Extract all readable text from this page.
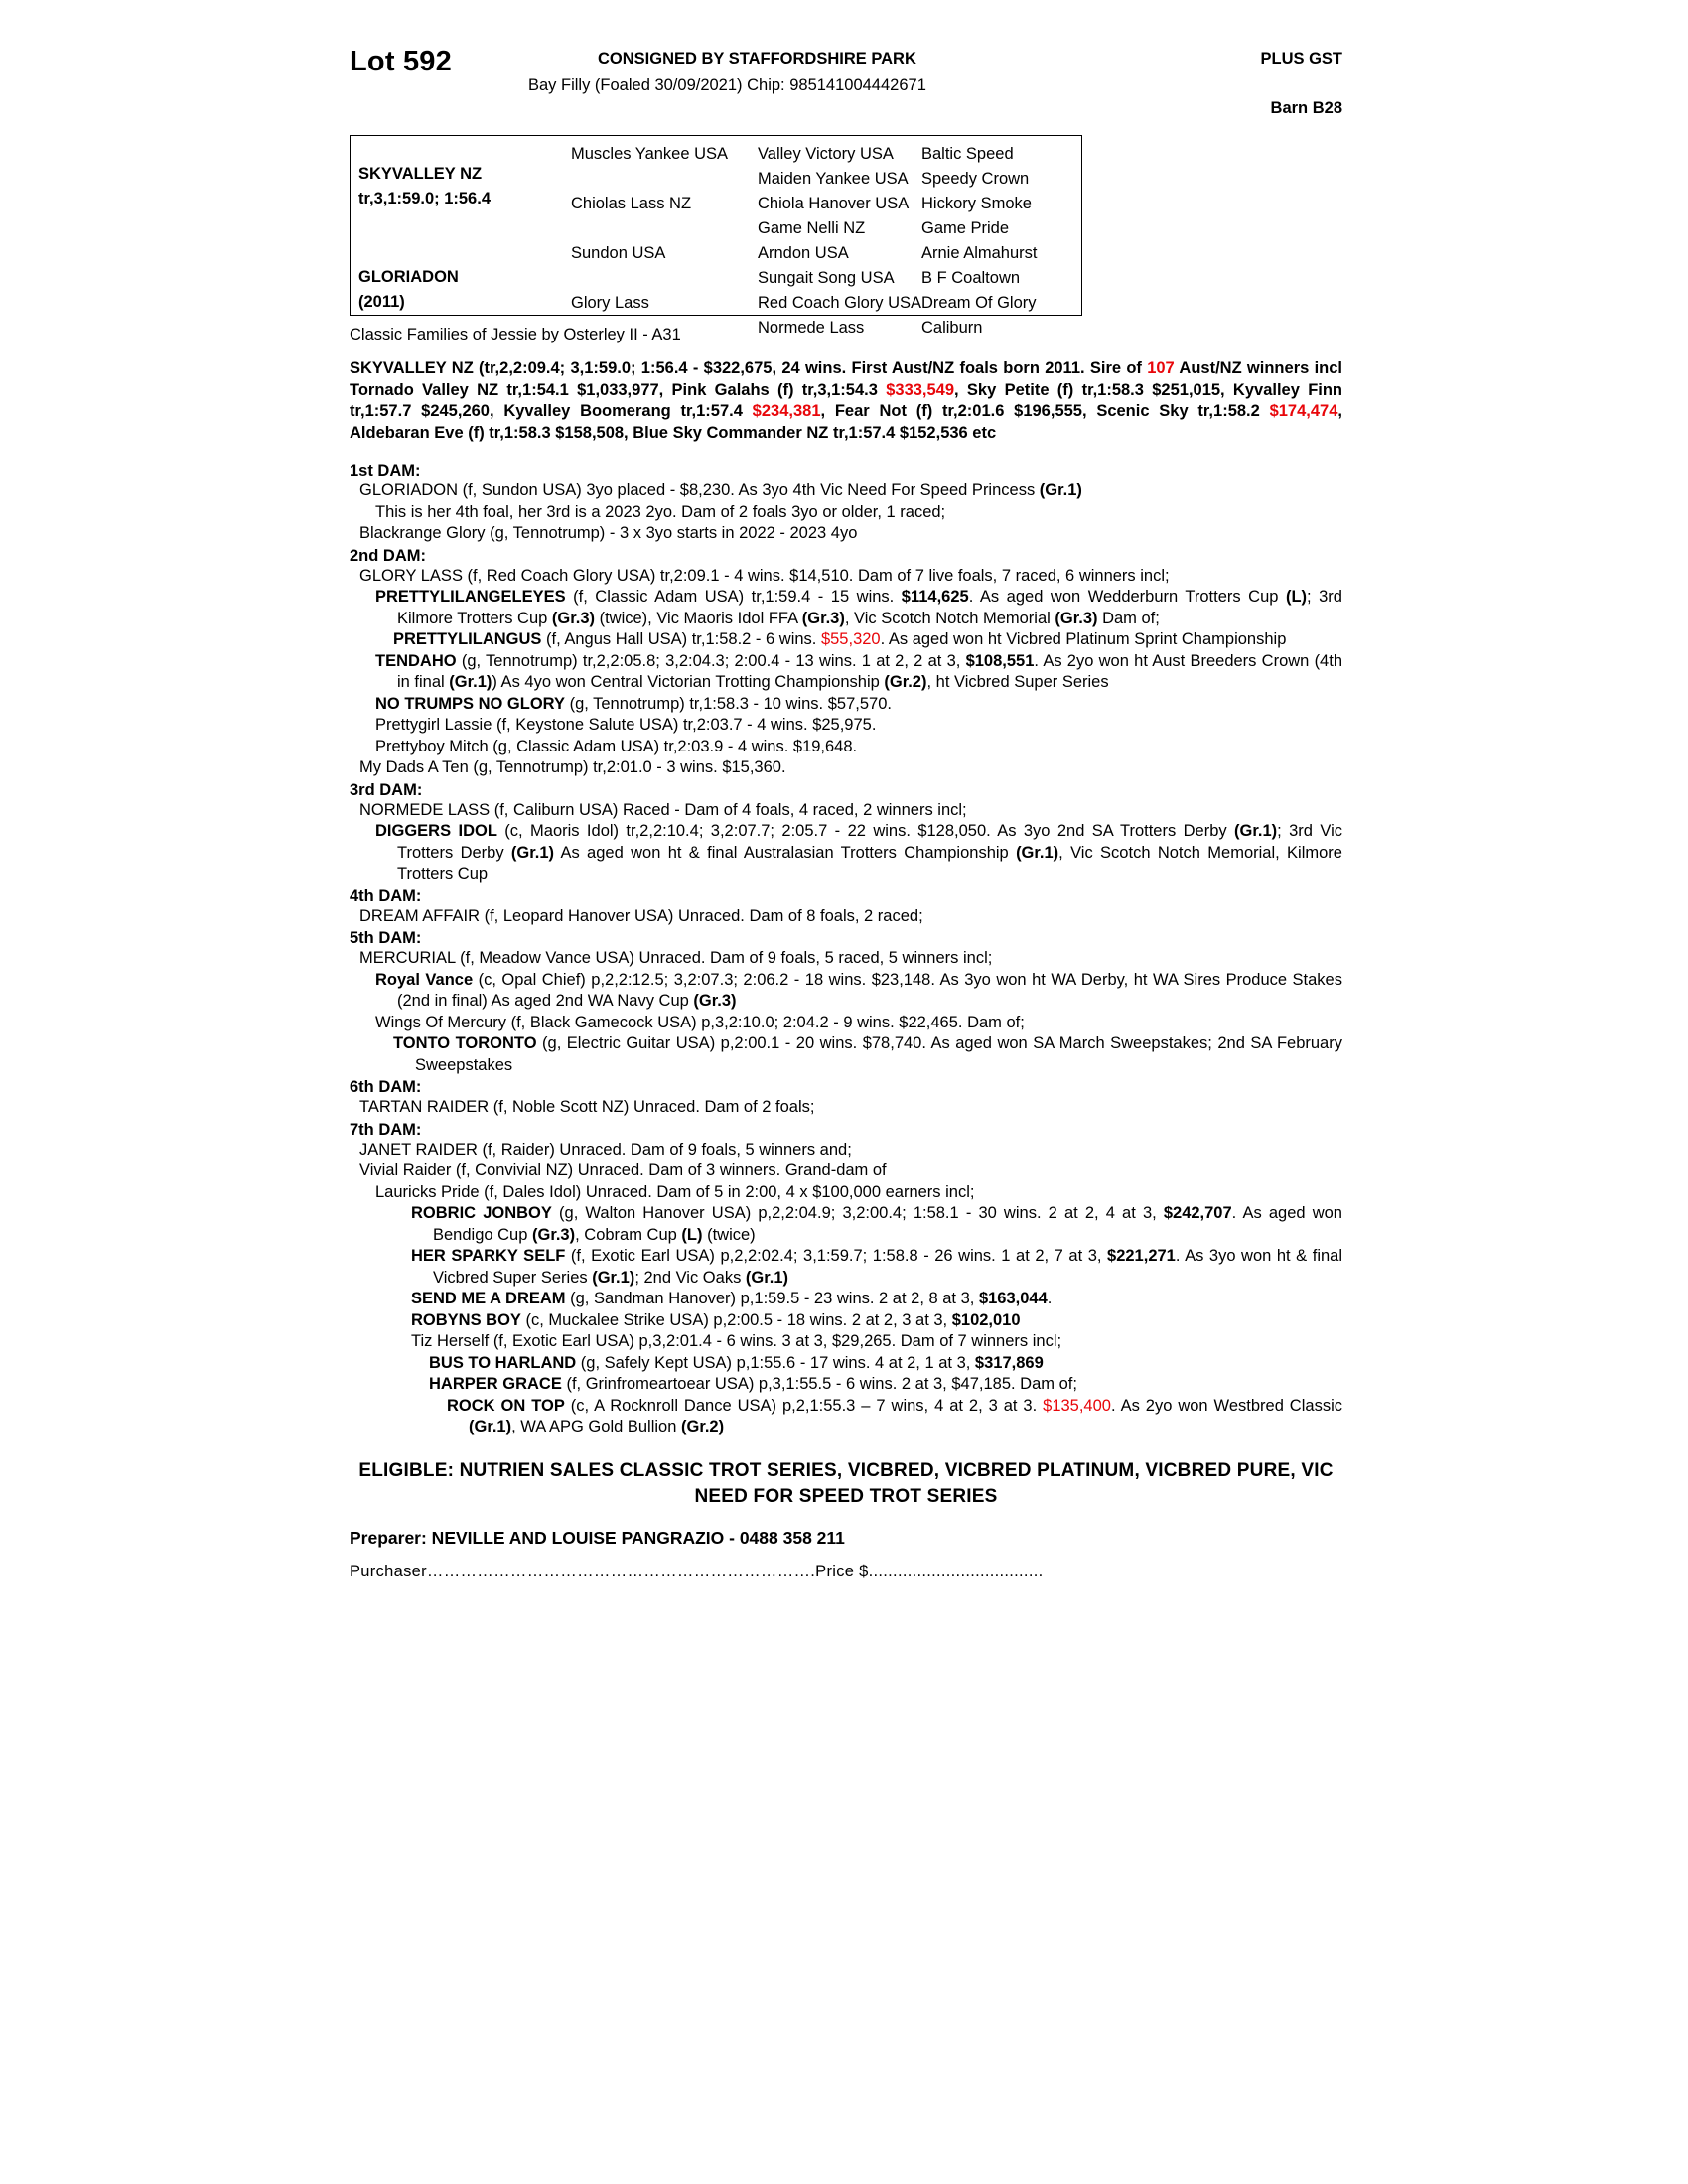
Lot 592	CONSIGNED BY STAFFORDSHIRE PARK	PLUS GST
Bay Filly (Foaled 30/09/2021) Chip: 985141004442671
Barn B28
SKYVALLEY NZ
tr,3,1:59.0; 1:56.4
GLORIADON
(2011)
Muscles Yankee USA
Chiolas Lass NZ
Sundon USA
Glory Lass
Valley Victory USA
Maiden Yankee USA
Chiola Hanover USA
Game Nelli NZ
Arndon USA
Sungait Song USA
Red Coach Glory USA
Normede Lass
Baltic Speed
Speedy Crown
Hickory Smoke
Game Pride
Arnie Almahurst
B F Coaltown
Dream Of Glory
Caliburn
Classic Families of Jessie by Osterley II - A31
SKYVALLEY NZ (tr,2,2:09.4; 3,1:59.0; 1:56.4 - $322,675, 24 wins. First Aust/NZ foals born 2011. Sire of 107 Aust/NZ winners incl Tornado Valley NZ tr,1:54.1 $1,033,977, Pink Galahs (f) tr,3,1:54.3 $333,549, Sky Petite (f) tr,1:58.3 $251,015, Kyvalley Finn tr,1:57.7 $245,260, Kyvalley Boomerang tr,1:57.4 $234,381, Fear Not (f) tr,2:01.6 $196,555, Scenic Sky tr,1:58.2 $174,474, Aldebaran Eve (f) tr,1:58.3 $158,508, Blue Sky Commander NZ tr,1:57.4 $152,536 etc
1st DAM:

GLORIADON (f, Sundon USA) 3yo placed - $8,230. As 3yo 4th Vic Need For Speed Princess (Gr.1)

This is her 4th foal, her 3rd is a 2023 2yo. Dam of 2 foals 3yo or older, 1 raced;

Blackrange Glory (g, Tennotrump) - 3 x 3yo starts in 2022 - 2023 4yo

2nd DAM:

GLORY LASS (f, Red Coach Glory USA) tr,2:09.1 - 4 wins. $14,510. Dam of 7 live foals, 7 raced, 6 winners incl;

PRETTYLILANGELEYES (f, Classic Adam USA) tr,1:59.4 - 15 wins. $114,625. As aged won Wedderburn Trotters Cup (L); 3rd Kilmore Trotters Cup (Gr.3) (twice), Vic Maoris Idol FFA (Gr.3), Vic Scotch Notch Memorial (Gr.3) Dam of;

PRETTYLILANGUS (f, Angus Hall USA) tr,1:58.2 - 6 wins. $55,320. As aged won ht Vicbred Platinum Sprint Championship

TENDAHO (g, Tennotrump) tr,2,2:05.8; 3,2:04.3; 2:00.4 - 13 wins. 1 at 2, 2 at 3, $108,551. As 2yo won ht Aust Breeders Crown (4th in final (Gr.1)) As 4yo won Central Victorian Trotting Championship (Gr.2), ht Vicbred Super Series

NO TRUMPS NO GLORY (g, Tennotrump) tr,1:58.3 - 10 wins. $57,570.

Prettygirl Lassie (f, Keystone Salute USA) tr,2:03.7 - 4 wins. $25,975.

Prettyboy Mitch (g, Classic Adam USA) tr,2:03.9 - 4 wins. $19,648.

My Dads A Ten (g, Tennotrump) tr,2:01.0 - 3 wins. $15,360.

3rd DAM:

NORMEDE LASS (f, Caliburn USA) Raced - Dam of 4 foals, 4 raced, 2 winners incl;

DIGGERS IDOL (c, Maoris Idol) tr,2,2:10.4; 3,2:07.7; 2:05.7 - 22 wins. $128,050. As 3yo 2nd SA Trotters Derby (Gr.1); 3rd Vic Trotters Derby (Gr.1) As aged won ht & final Australasian Trotters Championship (Gr.1), Vic Scotch Notch Memorial, Kilmore Trotters Cup

4th DAM:

DREAM AFFAIR (f, Leopard Hanover USA) Unraced. Dam of 8 foals, 2 raced;

5th DAM:

MERCURIAL (f, Meadow Vance USA) Unraced. Dam of 9 foals, 5 raced, 5 winners incl;

Royal Vance (c, Opal Chief) p,2,2:12.5; 3,2:07.3; 2:06.2 - 18 wins. $23,148. As 3yo won ht WA Derby, ht WA Sires Produce Stakes (2nd in final) As aged 2nd WA Navy Cup (Gr.3)

Wings Of Mercury (f, Black Gamecock USA) p,3,2:10.0; 2:04.2 - 9 wins. $22,465. Dam of;

TONTO TORONTO (g, Electric Guitar USA) p,2:00.1 - 20 wins. $78,740. As aged won SA March Sweepstakes; 2nd SA February Sweepstakes

6th DAM:

TARTAN RAIDER (f, Noble Scott NZ) Unraced. Dam of 2 foals;

7th DAM:

JANET RAIDER (f, Raider) Unraced. Dam of 9 foals, 5 winners and;

Vivial Raider (f, Convivial NZ) Unraced. Dam of 3 winners. Grand-dam of

Lauricks Pride (f, Dales Idol) Unraced. Dam of 5 in 2:00, 4 x $100,000 earners incl;

ROBRIC JONBOY (g, Walton Hanover USA) p,2,2:04.9; 3,2:00.4; 1:58.1 - 30 wins. 2 at 2, 4 at 3, $242,707. As aged won Bendigo Cup (Gr.3), Cobram Cup (L) (twice)

HER SPARKY SELF (f, Exotic Earl USA) p,2,2:02.4; 3,1:59.7; 1:58.8 - 26 wins. 1 at 2, 7 at 3, $221,271. As 3yo won ht & final Vicbred Super Series (Gr.1); 2nd Vic Oaks (Gr.1)

SEND ME A DREAM (g, Sandman Hanover) p,1:59.5 - 23 wins. 2 at 2, 8 at 3, $163,044.

ROBYNS BOY (c, Muckalee Strike USA) p,2:00.5 - 18 wins. 2 at 2, 3 at 3, $102,010

Tiz Herself (f, Exotic Earl USA) p,3,2:01.4 - 6 wins. 3 at 3, $29,265. Dam of 7 winners incl;

BUS TO HARLAND (g, Safely Kept USA) p,1:55.6 - 17 wins. 4 at 2, 1 at 3, $317,869

HARPER GRACE (f, Grinfromeartoear USA) p,3,1:55.5 - 6 wins. 2 at 3, $47,185. Dam of;

ROCK ON TOP (c, A Rocknroll Dance USA) p,2,1:55.3 – 7 wins, 4 at 2, 3 at 3. $135,400. As 2yo won Westbred Classic (Gr.1), WA APG Gold Bullion (Gr.2)

ELIGIBLE: NUTRIEN SALES CLASSIC TROT SERIES, VICBRED, VICBRED PLATINUM, VICBRED PURE, VIC NEED FOR SPEED TROT SERIES
Preparer: NEVILLE AND LOUISE PANGRAZIO - 0488 358 211
Purchaser…………………………………………………………….Price $....................................
